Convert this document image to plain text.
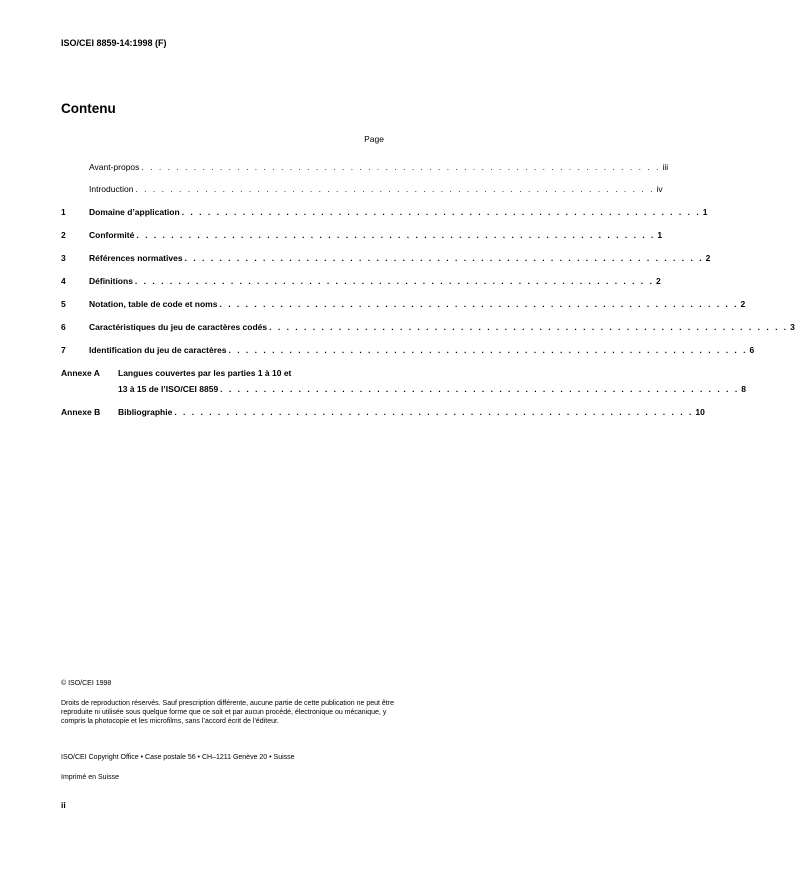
ISO/CEI 8859-14:1998 (F)
Contenu
Page
Avant-propos . . . . . . . . . . . . . . . . . . . . . . . . . . . . . . . . . . . . . . . . . . . . . . . . . . . . . . . . . . . . iii
Introduction . . . . . . . . . . . . . . . . . . . . . . . . . . . . . . . . . . . . . . . . . . . . . . . . . . . . . . . . . . . . iv
1	Domaine d’application . . . . . . . . . . . . . . . . . . . . . . . . . . . . . . . . . . . . . . . . . . . . . . . . . . . . . . . . . . . . 1
2	Conformité . . . . . . . . . . . . . . . . . . . . . . . . . . . . . . . . . . . . . . . . . . . . . . . . . . . . . . . . . . . . 1
3	Références normatives . . . . . . . . . . . . . . . . . . . . . . . . . . . . . . . . . . . . . . . . . . . . . . . . . . . . . . . . . . . . 2
4	Définitions . . . . . . . . . . . . . . . . . . . . . . . . . . . . . . . . . . . . . . . . . . . . . . . . . . . . . . . . . . . . 2
5	Notation, table de code et noms . . . . . . . . . . . . . . . . . . . . . . . . . . . . . . . . . . . . . . . . . . . . . . . . . . . . . . . . . . . . 2
6	Caractéristiques du jeu de caractères codés . . . . . . . . . . . . . . . . . . . . . . . . . . . . . . . . . . . . . . . . . . . . . . . . . . . . . . . . . . . . 3
7	Identification du jeu de caractères . . . . . . . . . . . . . . . . . . . . . . . . . . . . . . . . . . . . . . . . . . . . . . . . . . . . . . . . . . . . 6
Annexe A Langues couvertes par les parties 1 à 10 et
13 à 15 de l’ISO/CEI 8859 . . . . . . . . . . . . . . . . . . . . . . . . . . . . . . . . . . . . . . . . . . . . . . . . . . . . . . . . . . . . 8
Annexe B Bibliographie . . . . . . . . . . . . . . . . . . . . . . . . . . . . . . . . . . . . . . . . . . . . . . . . . . . . . . . . . . . . 10

© ISO/CEI 1998

Droits de reproduction réservés. Sauf prescription différente, aucune partie de cette publication ne peut être reproduite ni utilisée sous quelque forme que ce soit et par aucun procédé, électronique ou mécanique, y compris la photocopie et les microfilms, sans l’accord écrit de l’éditeur.

ISO/CEI Copyright Office • Case postale 56 • CH–1211 Genève 20 • Suisse

Imprimé en Suisse

ii
